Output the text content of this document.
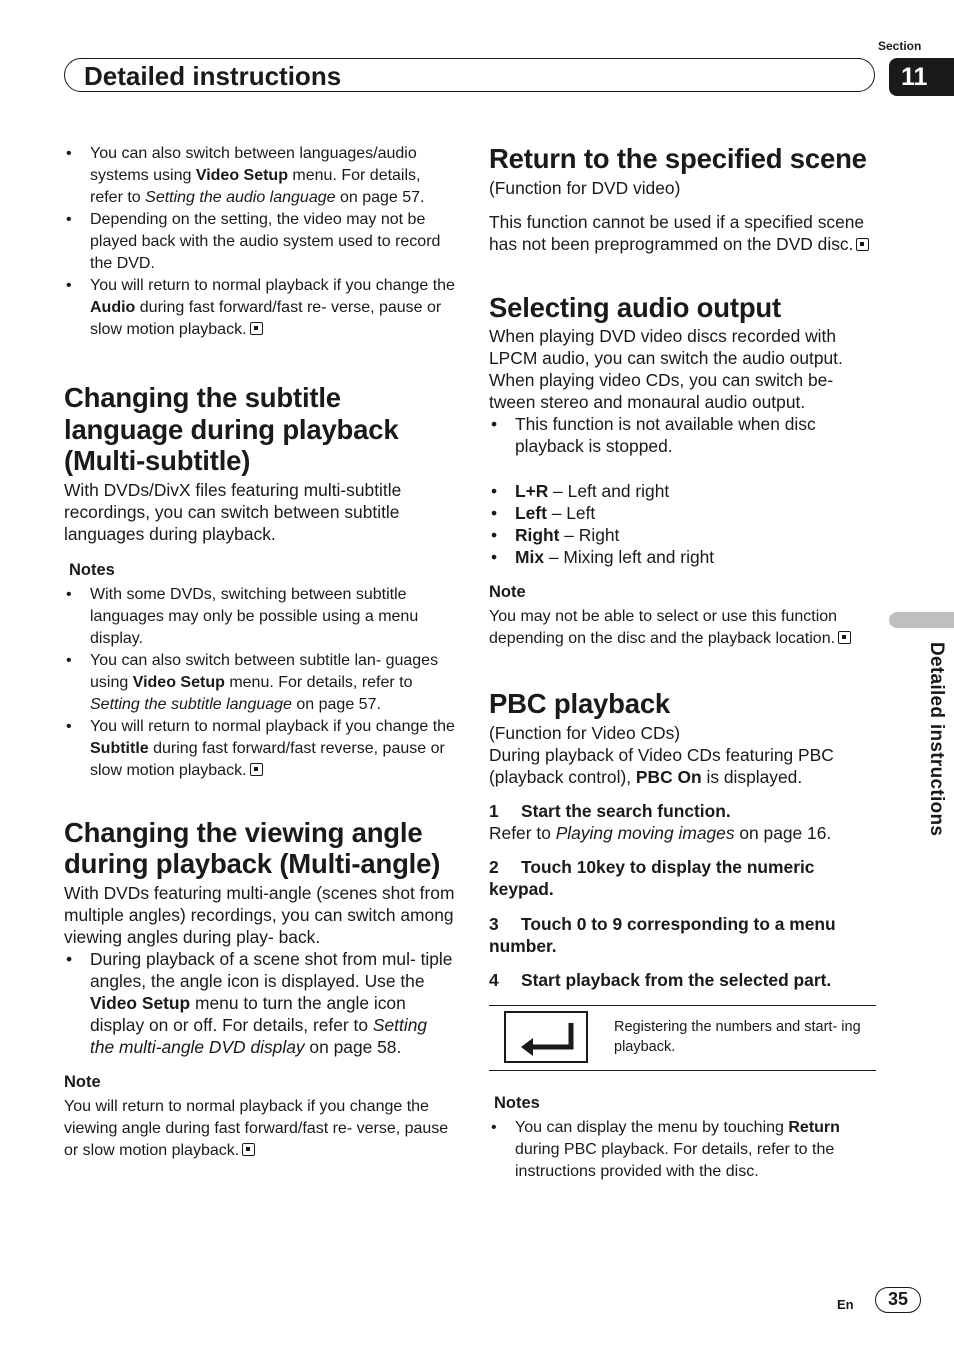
Section
11
Detailed instructions
Detailed instructions
• You can also switch between languages/audio systems using Video Setup menu. For details, refer to Setting the audio language on page 57.
• Depending on the setting, the video may not be played back with the audio system used to record the DVD.
• You will return to normal playback if you change the Audio during fast forward/fast re- verse, pause or slow motion playback.
Changing the subtitle language during playback (Multi-subtitle)

With DVDs/DivX files featuring multi-subtitle recordings, you can switch between subtitle languages during playback.

Notes
• With some DVDs, switching between subtitle languages may only be possible using a menu display.
• You can also switch between subtitle lan- guages using Video Setup menu. For details, refer to Setting the subtitle language on page 57.
• You will return to normal playback if you change the Subtitle during fast forward/fast reverse, pause or slow motion playback.
Changing the viewing angle during playback (Multi-angle)

With DVDs featuring multi-angle (scenes shot from multiple angles) recordings, you can switch among viewing angles during play- back.

• During playback of a scene shot from mul- tiple angles, the angle icon is displayed. Use the Video Setup menu to turn the angle icon display on or off. For details, refer to Setting the multi-angle DVD display on page 58.
Note

You will return to normal playback if you change the viewing angle during fast forward/fast re- verse, pause or slow motion playback.

Return to the specified scene

(Function for DVD video)

This function cannot be used if a specified scene has not been preprogrammed on the DVD disc.

Selecting audio output

When playing DVD video discs recorded with LPCM audio, you can switch the audio output. When playing video CDs, you can switch be- tween stereo and monaural audio output.

• This function is not available when disc playback is stopped.
• L+R – Left and right
• Left – Left
• Right – Right
• Mix – Mixing left and right
Note

You may not be able to select or use this function depending on the disc and the playback location.

PBC playback

(Function for Video CDs)

During playback of Video CDs featuring PBC (playback control), PBC On is displayed.

1 Start the search function.

Refer to Playing moving images on page 16.

2 Touch 10key to display the numeric keypad.

3 Touch 0 to 9 corresponding to a menu number.

4 Start playback from the selected part.

Registering the numbers and start- ing playback.
Notes
• You can display the menu by touching Return during PBC playback. For details, refer to the instructions provided with the disc.
En	35
